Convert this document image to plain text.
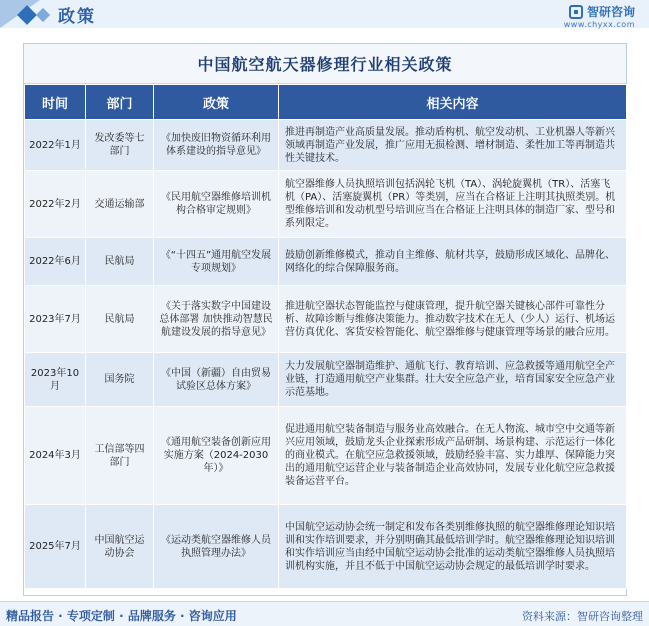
政策	智研咨询
www.chyxx.com
中国航空航天器修理行业相关政策
时间	部门	政策	相关内容
2022年1月	发改委等七部门	《加快废旧物资循环利用体系建设的指导意见》	推进再制造产业高质量发展。推动盾构机、航空发动机、工业机器人等新兴领域再制造产业发展，推广应用无损检测、增材制造、柔性加工等再制造共性关键技术。
2022年2月	交通运输部	《民用航空器维修培训机构合格审定规则》	航空器维修人员执照培训包括涡轮飞机（TA）、涡轮旋翼机（TR）、活塞飞机（PA）、活塞旋翼机（PR）等类别，应当在合格证上注明其执照类别。机型维修培训和发动机型号培训应当在合格证上注明具体的制造厂家、型号和系列限定。
2022年6月	民航局	《“十四五”通用航空发展专项规划》	鼓励创新维修模式，推动自主维修、航材共享，鼓励形成区域化、品牌化、网络化的综合保障服务商。
2023年7月	民航局	《关于落实数字中国建设总体部署 加快推动智慧民航建设发展的指导意见》	推进航空器状态智能监控与健康管理，提升航空器关键核心部件可靠性分析、故障诊断与维修决策能力。推动数字技术在无人（少人）运行、机场运营仿真优化、客货安检智能化、航空器维修与健康管理等场景的融合应用。
2023年10月	国务院	《中国（新疆）自由贸易试验区总体方案》	大力发展航空器制造维护、通航飞行、教育培训、应急救援等通用航空全产业链，打造通用航空产业集群。壮大安全应急产业，培育国家安全应急产业示范基地。
2024年3月	工信部等四部门	《通用航空装备创新应用实施方案（2024-2030年）》	促进通用航空装备制造与服务业高效融合。在无人物流、城市空中交通等新兴应用领域，鼓励龙头企业探索形成产品研制、场景构建、示范运行一体化的商业模式。在航空应急救援领域，鼓励经验丰富、实力雄厚、保障能力突出的通用航空运营企业与装备制造企业高效协同，发展专业化航空应急救援装备运营平台。
2025年7月	中国航空运动协会	《运动类航空器维修人员执照管理办法》	中国航空运动协会统一制定和发布各类别维修执照的航空器维修理论知识培训和实作培训要求，并分别明确其最低培训学时。航空器维修理论知识培训和实作培训应当由经中国航空运动协会批准的运动类航空器维修人员执照培训机构实施，并且不低于中国航空运动协会规定的最低培训学时要求。
精品报告 · 专项定制 · 品牌服务 · 咨询应用	资料来源：智研咨询整理
